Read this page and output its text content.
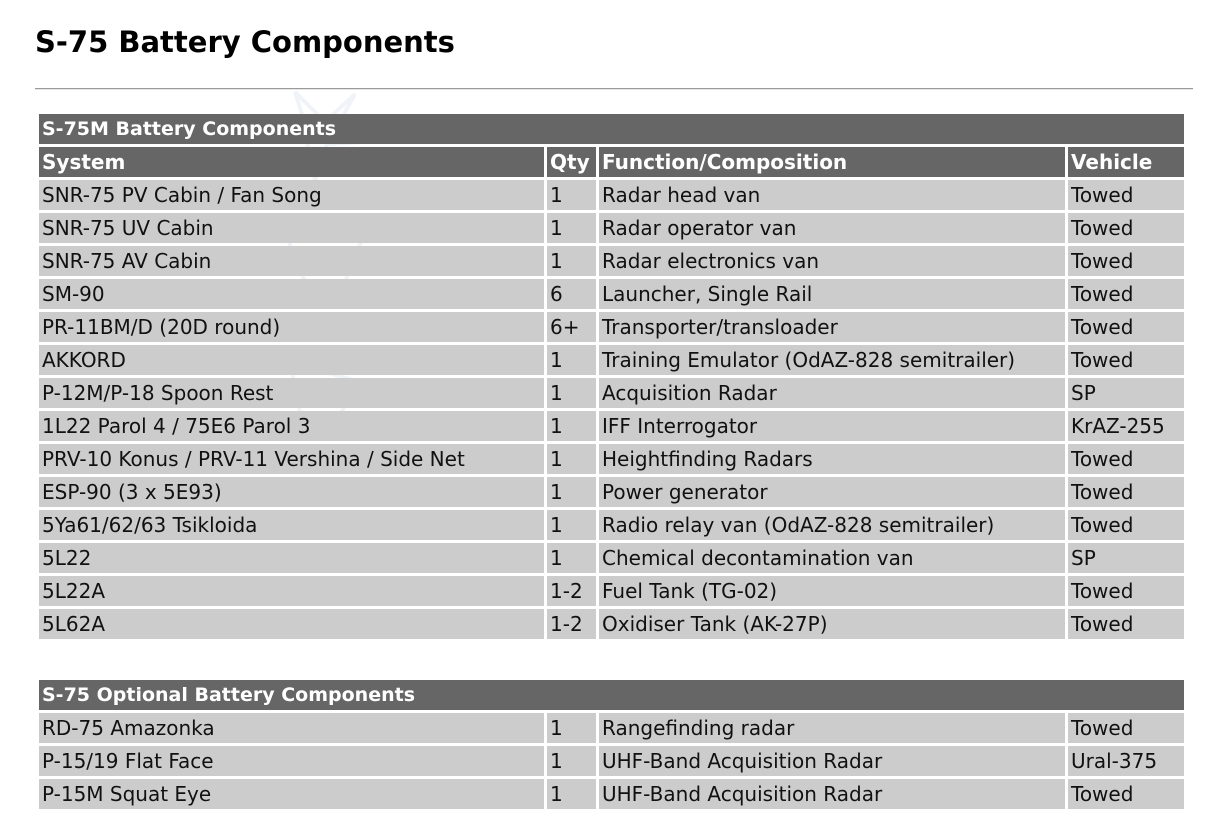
S-75 Battery Components
S-75M Battery Components			
System	Qty	Function/Composition	Vehicle
SNR-75 PV Cabin / Fan Song	1	Radar head van	Towed
SNR-75 UV Cabin	1	Radar operator van	Towed
SNR-75 AV Cabin	1	Radar electronics van	Towed
SM-90	6	Launcher, Single Rail	Towed
PR-11BM/D (20D round)	6+	Transporter/transloader	Towed
AKKORD	1	Training Emulator (OdAZ-828 semitrailer)	Towed
P-12M/P-18 Spoon Rest	1	Acquisition Radar	SP
1L22 Parol 4 / 75E6 Parol 3	1	IFF Interrogator	KrAZ-255
PRV-10 Konus / PRV-11 Vershina / Side Net	1	Heightfinding Radars	Towed
ESP-90 (3 x 5E93)	1	Power generator	Towed
5Ya61/62/63 Tsikloida	1	Radio relay van (OdAZ-828 semitrailer)	Towed
5L22	1	Chemical decontamination van	SP
5L22A	1-2	Fuel Tank (TG-02)	Towed
5L62A	1-2	Oxidiser Tank (AK-27P)	Towed
S-75 Optional Battery Components			
RD-75 Amazonka	1	Rangefinding radar	Towed
P-15/19 Flat Face	1	UHF-Band Acquisition Radar	Ural-375
P-15M Squat Eye	1	UHF-Band Acquisition Radar	Towed
